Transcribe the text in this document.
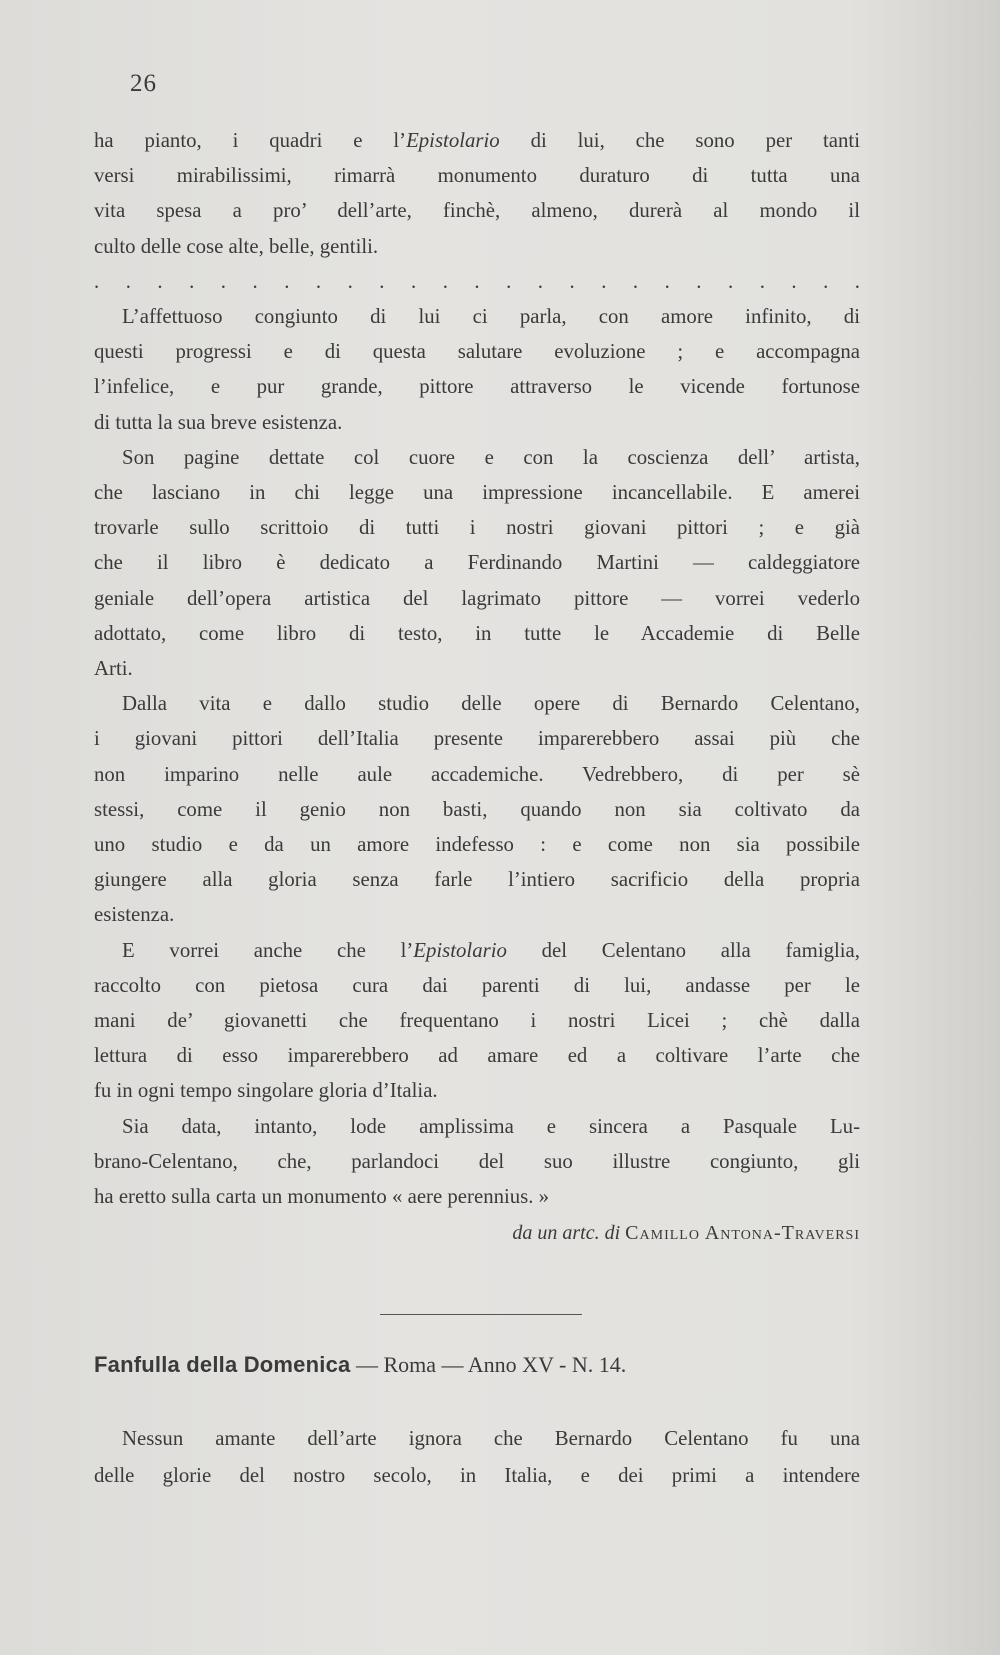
26
ha pianto, i quadri e l’Epistolario di lui, che sono per tanti
versi mirabilissimi, rimarrà monumento duraturo di tutta una
vita spesa a pro’ dell’arte, finchè, almeno, durerà al mondo il
culto delle cose alte, belle, gentili.
. . . . . . . . . . . . . . . . . . . . . . . . .
L’affettuoso congiunto di lui ci parla, con amore infinito, di
questi progressi e di questa salutare evoluzione ; e accompagna
l’infelice, e pur grande, pittore attraverso le vicende fortunose
di tutta la sua breve esistenza.
Son pagine dettate col cuore e con la coscienza dell’ artista,
che lasciano in chi legge una impressione incancellabile. E amerei
trovarle sullo scrittoio di tutti i nostri giovani pittori ; e già
che il libro è dedicato a Ferdinando Martini — caldeggiatore
geniale dell’opera artistica del lagrimato pittore — vorrei vederlo
adottato, come libro di testo, in tutte le Accademie di Belle
Arti.
Dalla vita e dallo studio delle opere di Bernardo Celentano,
i giovani pittori dell’Italia presente imparerebbero assai più che
non imparino nelle aule accademiche. Vedrebbero, di per sè
stessi, come il genio non basti, quando non sia coltivato da
uno studio e da un amore indefesso : e come non sia possibile
giungere alla gloria senza farle l’intiero sacrificio della propria
esistenza.
E vorrei anche che l’Epistolario del Celentano alla famiglia,
raccolto con pietosa cura dai parenti di lui, andasse per le
mani de’ giovanetti che frequentano i nostri Licei ; chè dalla
lettura di esso imparerebbero ad amare ed a coltivare l’arte che
fu in ogni tempo singolare gloria d’Italia.
Sia data, intanto, lode amplissima e sincera a Pasquale Lu-
brano-Celentano, che, parlandoci del suo illustre congiunto, gli
ha eretto sulla carta un monumento « aere perennius. »
da un artc. di Camillo Antona-Traversi
Fanfulla della Domenica — Roma — Anno XV - N. 14.
Nessun amante dell’arte ignora che Bernardo Celentano fu una
delle glorie del nostro secolo, in Italia, e dei primi a intendere
